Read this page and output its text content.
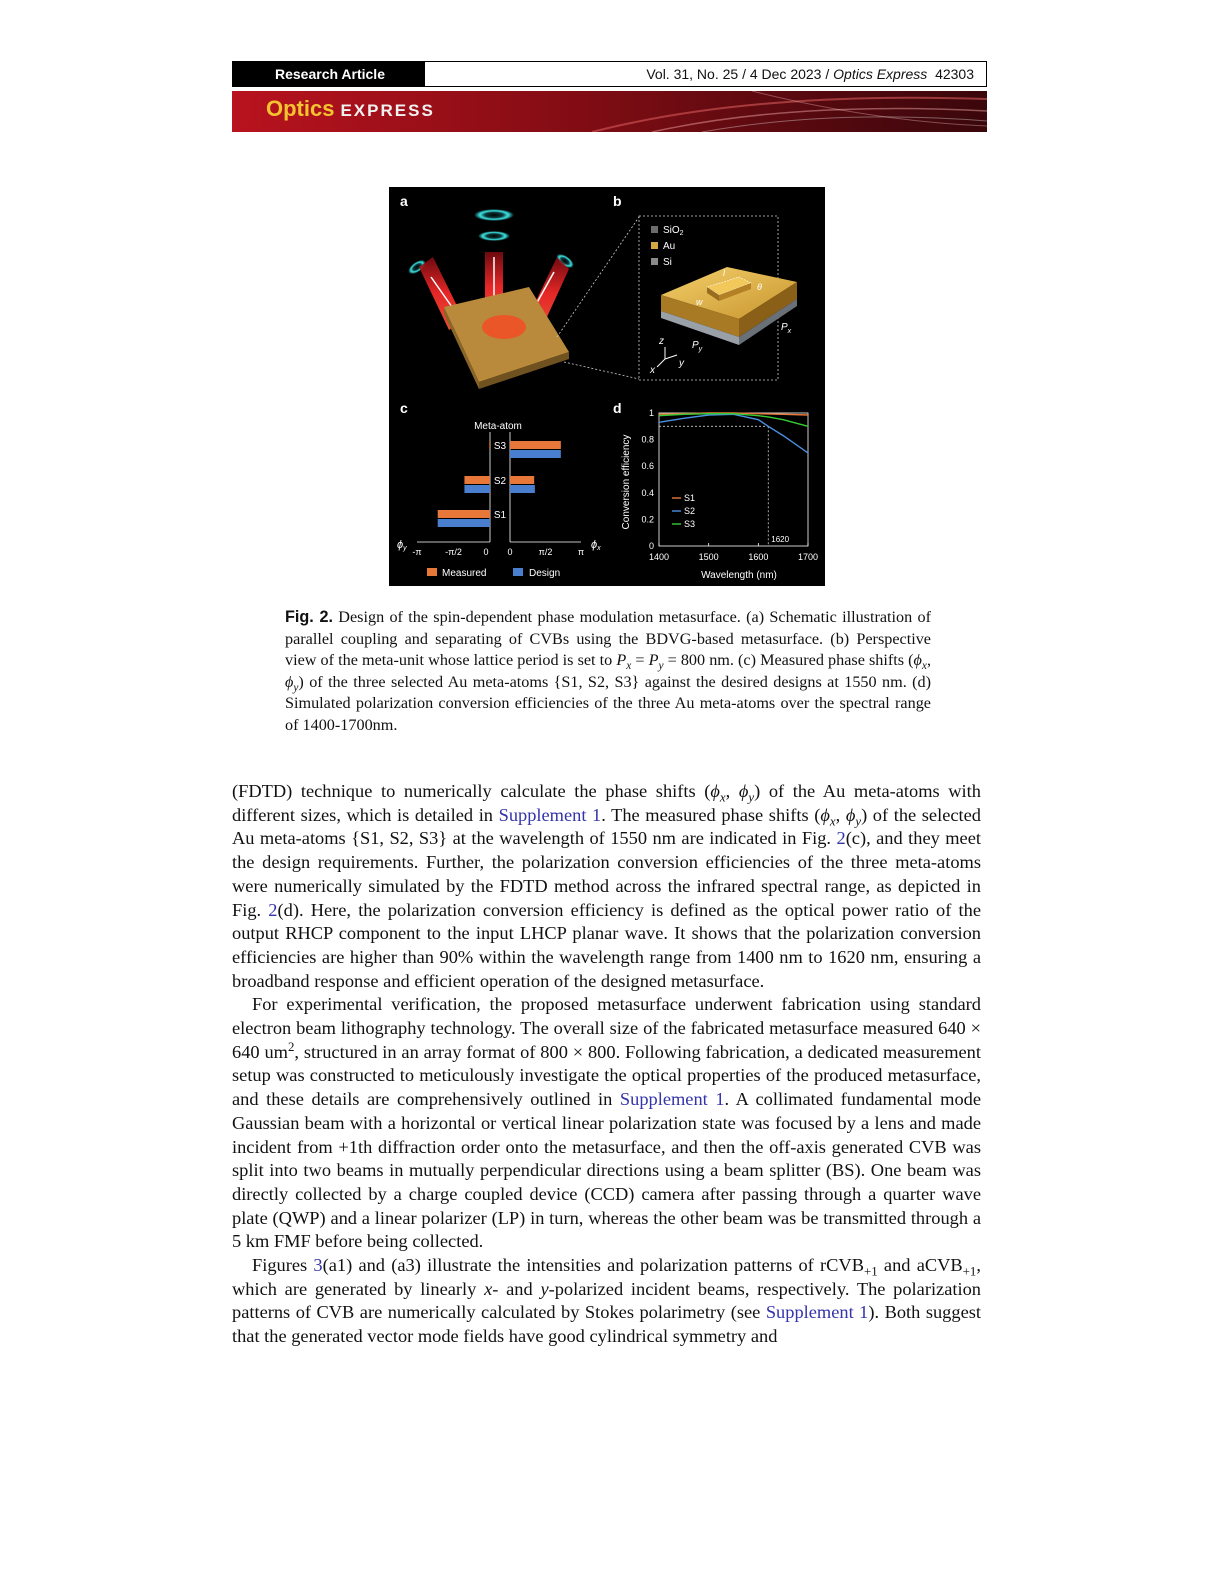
Research Article	Vol. 31, No. 25 / 4 Dec 2023 / Optics Express 42303
Optics EXPRESS
a	b
c	d
SiO$_2$
Au
Si
l
w
θ
$P_x$
$P_y$
z
y
x
Meta-atom
ϕy	ϕx
S1
S2
S3
-π	-π/2 0 0	π/2	π
Measured	Design
Conversion efficiency
Wavelength (nm)
1400	1500	1600	1700
0
0.2
0.4
0.6
0.8
1
1620
S1
S2
S3
Fig. 2. Design of the spin-dependent phase modulation metasurface. (a) Schematic illustration of parallel coupling and separating of CVBs using the BDVG-based metasurface. (b) Perspective view of the meta-unit whose lattice period is set to $P_x = P_y = 800$ nm. (c) Measured phase shifts ($\phi_x$, $\phi_y$) of the three selected Au meta-atoms {S1, S2, S3} against the desired designs at 1550 nm. (d) Simulated polarization conversion efficiencies of the three Au meta-atoms over the spectral range of 1400-1700nm.

(FDTD) technique to numerically calculate the phase shifts ($\phi_x$, $\phi_y$) of the Au meta-atoms with different sizes, which is detailed in Supplement 1. The measured phase shifts ($\phi_x$, $\phi_y$) of the selected Au meta-atoms {S1, S2, S3} at the wavelength of 1550 nm are indicated in Fig. 2(c), and they meet the design requirements. Further, the polarization conversion efficiencies of the three meta-atoms were numerically simulated by the FDTD method across the infrared spectral range, as depicted in Fig. 2(d). Here, the polarization conversion efficiency is defined as the optical power ratio of the output RHCP component to the input LHCP planar wave. It shows that the polarization conversion efficiencies are higher than 90% within the wavelength range from 1400 nm to 1620 nm, ensuring a broadband response and efficient operation of the designed metasurface.

For experimental verification, the proposed metasurface underwent fabrication using standard electron beam lithography technology. The overall size of the fabricated metasurface measured 640 × 640 $um^2$, structured in an array format of 800 × 800. Following fabrication, a dedicated measurement setup was constructed to meticulously investigate the optical properties of the produced metasurface, and these details are comprehensively outlined in Supplement 1. A collimated fundamental mode Gaussian beam with a horizontal or vertical linear polarization state was focused by a lens and made incident from +1th diffraction order onto the metasurface, and then the off-axis generated CVB was split into two beams in mutually perpendicular directions using a beam splitter (BS). One beam was directly collected by a charge coupled device (CCD) camera after passing through a quarter wave plate (QWP) and a linear polarizer (LP) in turn, whereas the other beam was be transmitted through a 5 km FMF before being collected.

Figures 3(a1) and (a3) illustrate the intensities and polarization patterns of rCVB$_{+1}$ and aCVB$_{+1}$, which are generated by linearly x- and y-polarized incident beams, respectively. The polarization patterns of CVB are numerically calculated by Stokes polarimetry (see Supplement 1). Both suggest that the generated vector mode fields have good cylindrical symmetry and
